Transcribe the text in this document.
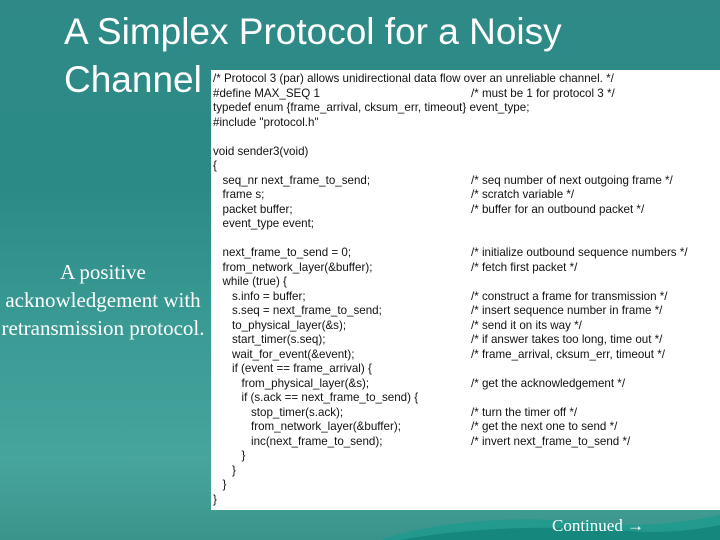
A Simplex Protocol for a Noisy Channel
A positive acknowledgement with retransmission protocol.
/* Protocol 3 (par) allows unidirectional data flow over an unreliable channel. */
#define MAX_SEQ 1	/* must be 1 for protocol 3 */
typedef enum {frame_arrival, cksum_err, timeout} event_type;
#include "protocol.h"
void sender3(void)
{
seq_nr next_frame_to_send;	/* seq number of next outgoing frame */
frame s;	/* scratch variable */
packet buffer;	/* buffer for an outbound packet */
event_type event;
next_frame_to_send = 0;	/* initialize outbound sequence numbers */
from_network_layer(&buffer);	/* fetch first packet */
while (true) {
s.info = buffer;	/* construct a frame for transmission */
s.seq = next_frame_to_send;	/* insert sequence number in frame */
to_physical_layer(&s);	/* send it on its way */
start_timer(s.seq);	/* if answer takes too long, time out */
wait_for_event(&event);	/* frame_arrival, cksum_err, timeout */
if (event == frame_arrival) {
from_physical_layer(&s);	/* get the acknowledgement */
if (s.ack == next_frame_to_send) {
stop_timer(s.ack);	/* turn the timer off */
from_network_layer(&buffer);	/* get the next one to send */
inc(next_frame_to_send);	/* invert next_frame_to_send */
}
}
}
}
Continued →
